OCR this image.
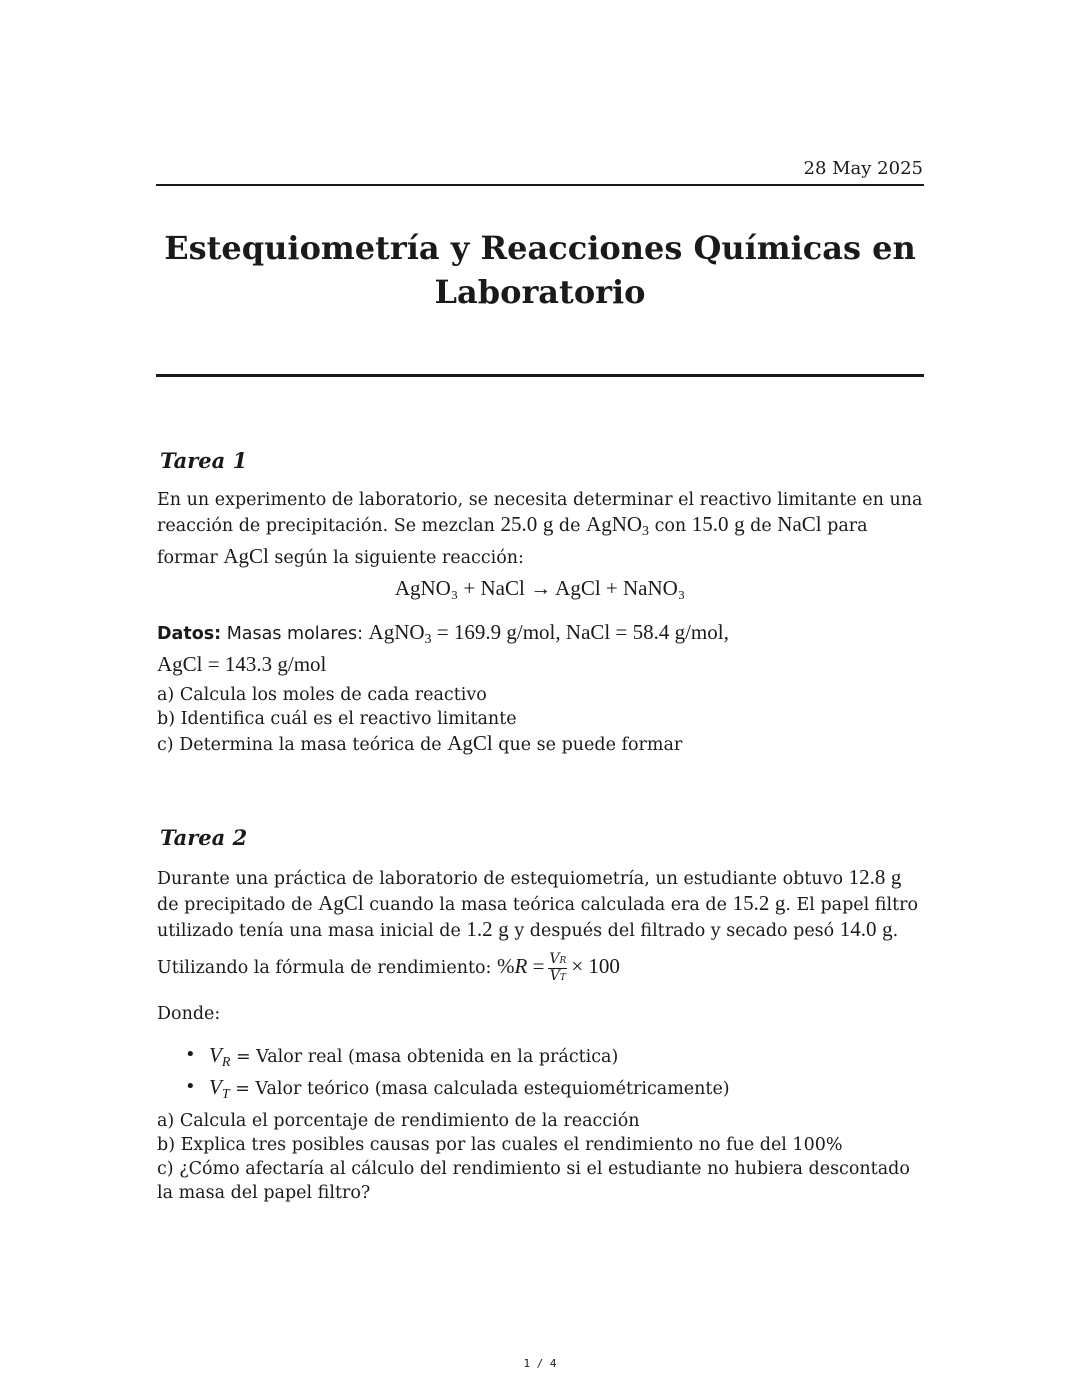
28 May 2025
Estequiometría y Reacciones Químicas en Laboratorio
Tarea 1
En un experimento de laboratorio, se necesita determinar el reactivo limitante en una reacción de precipitación. Se mezclan 25.0 g de AgNO$_3$ con 15.0 g de NaCl para formar AgCl según la siguiente reacción:
AgNO₃ + NaCl → AgCl + NaNO₃
Datos: Masas molares: AgNO$_3$ = 169.9 g/mol, NaCl = 58.4 g/mol,
AgCl = 143.3 g/mol
a) Calcula los moles de cada reactivo
b) Identifica cuál es el reactivo limitante
c) Determina la masa teórica de AgCl que se puede formar
Tarea 2
Durante una práctica de laboratorio de estequiometría, un estudiante obtuvo 12.8 g de precipitado de AgCl cuando la masa teórica calculada era de 15.2 g. El papel filtro utilizado tenía una masa inicial de 1.2 g y después del filtrado y secado pesó 14.0 g.
Utilizando la fórmula de rendimiento: $\%R = \frac{VR}{VT} \times 100$
Donde:
• $V_R$ = Valor real (masa obtenida en la práctica)
• $V_T$ = Valor teórico (masa calculada estequiométricamente)
a) Calcula el porcentaje de rendimiento de la reacción
b) Explica tres posibles causas por las cuales el rendimiento no fue del 100%
c) ¿Cómo afectaría al cálculo del rendimiento si el estudiante no hubiera descontado la masa del papel filtro?
1 / 4
